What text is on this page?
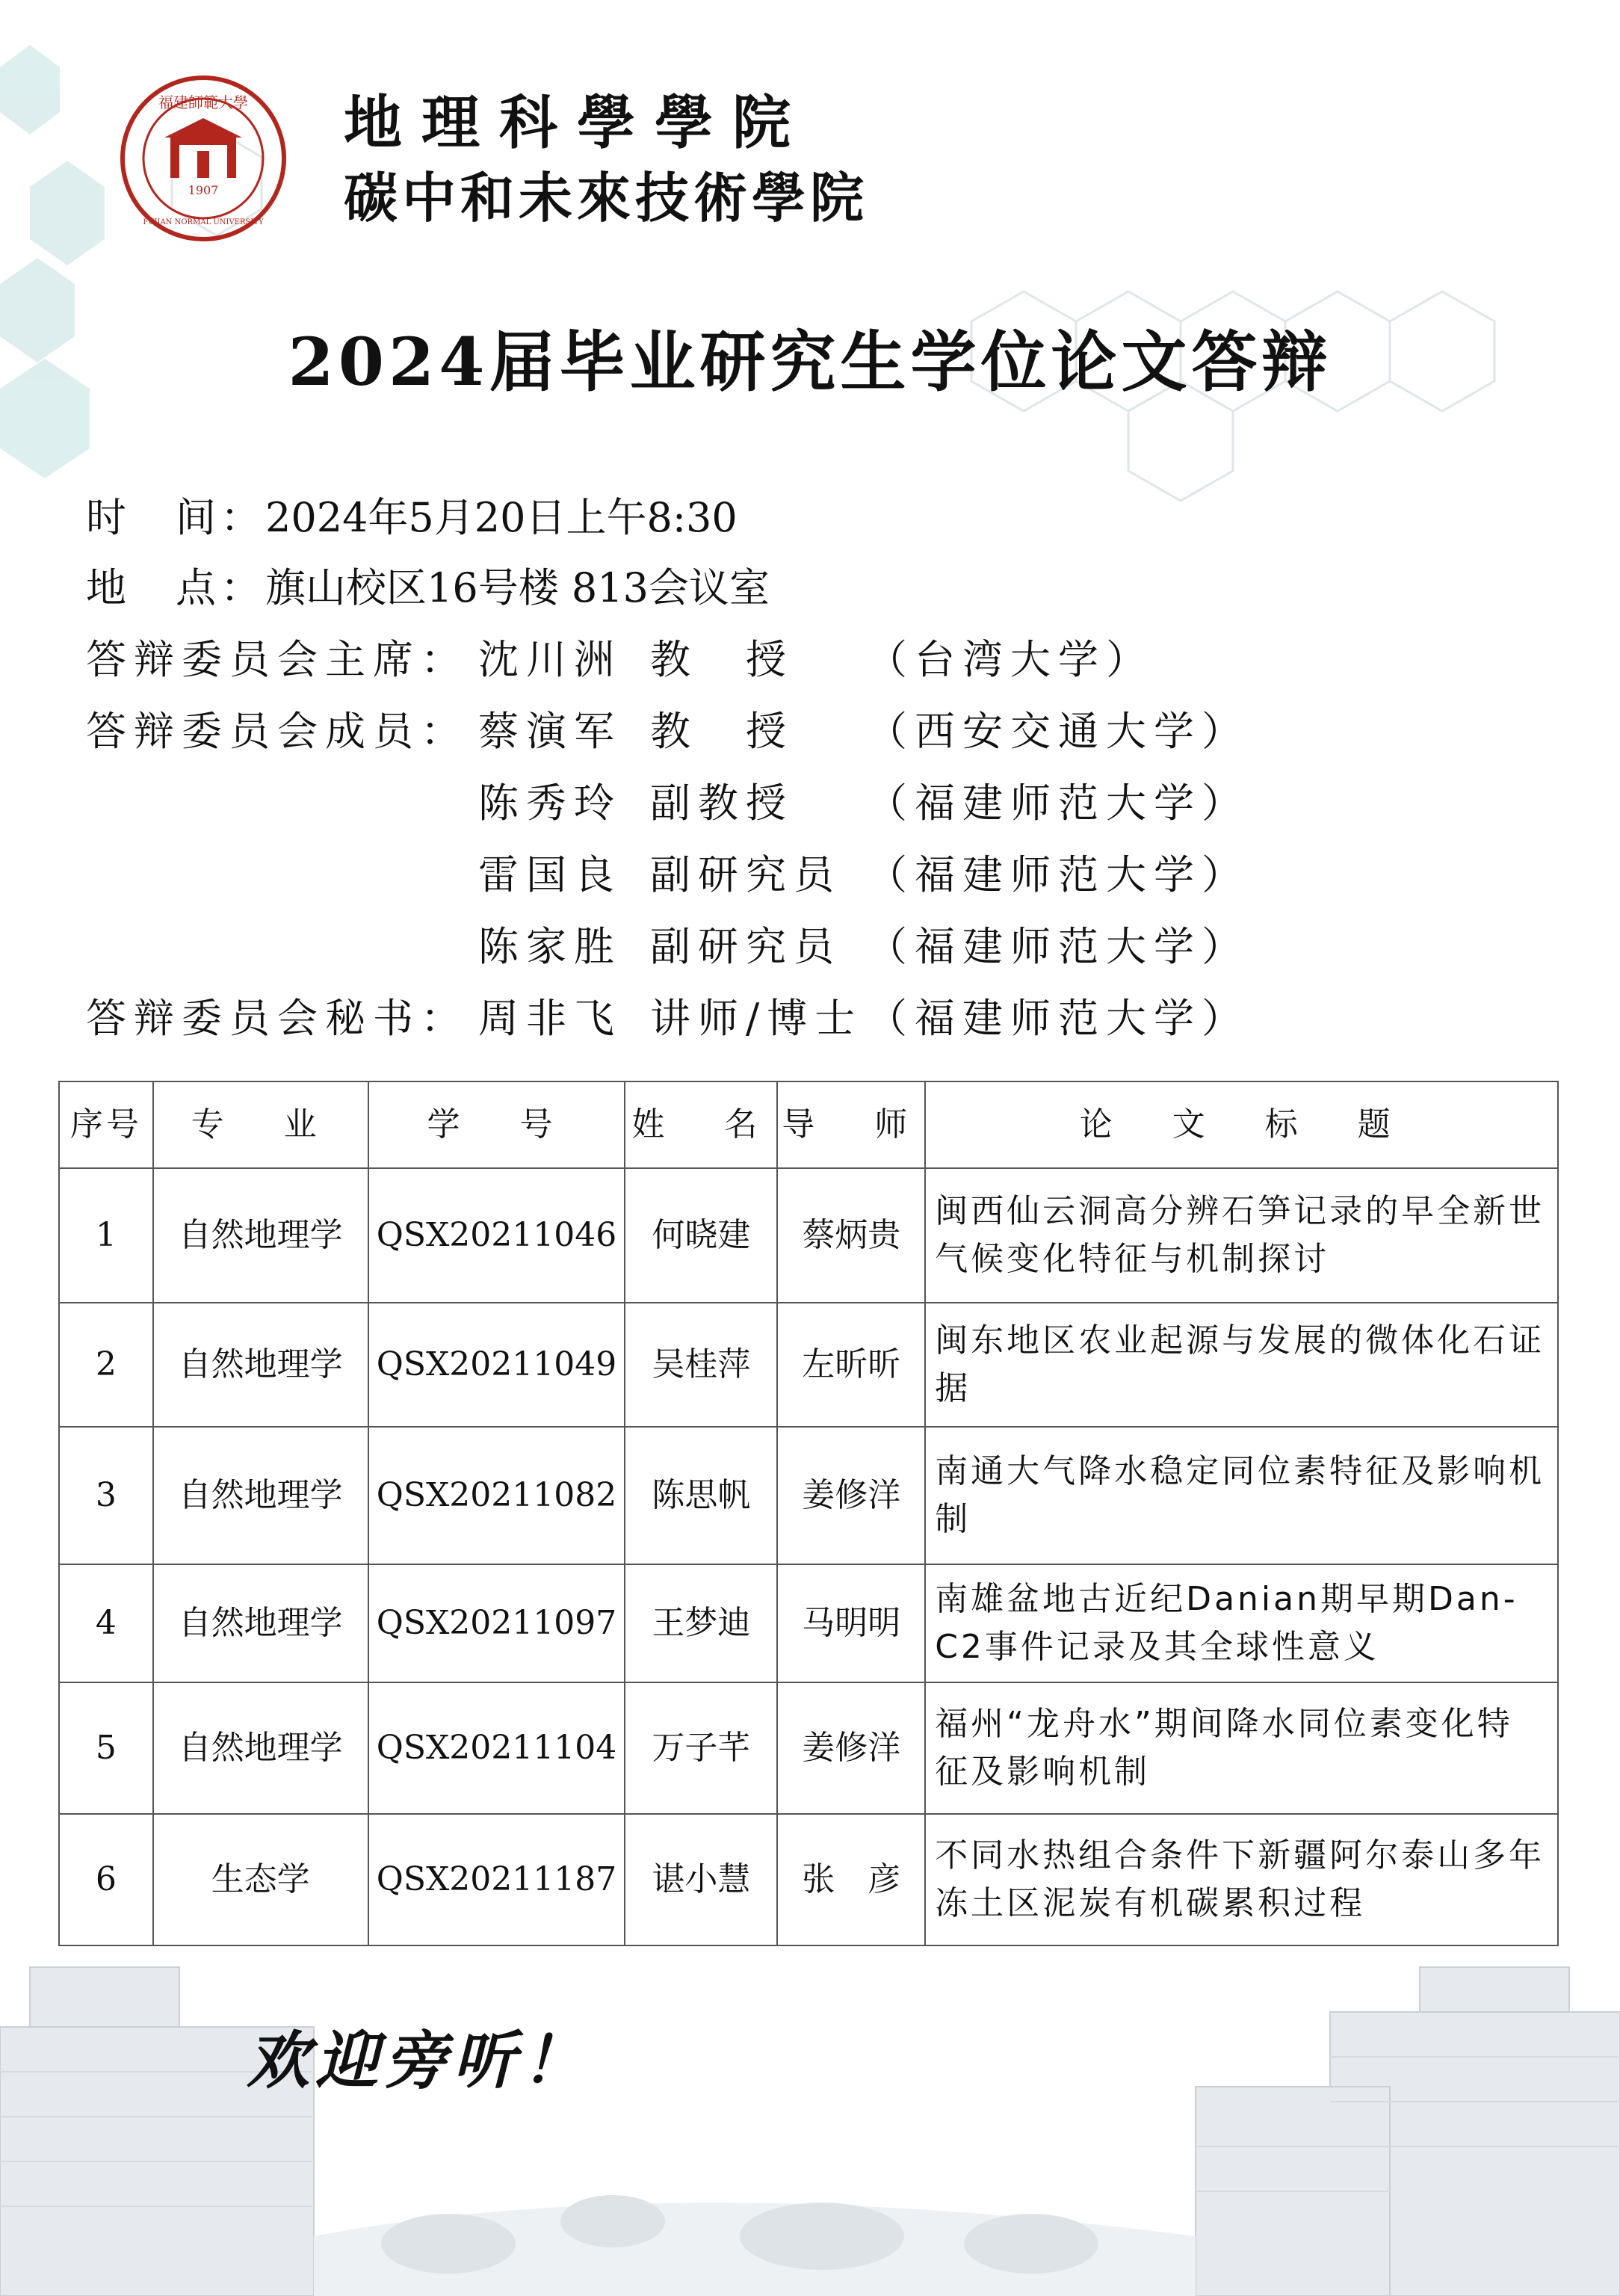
福建師範大學
FUJIAN NORMAL UNIVERSITY
1907
地理科學學院
碳中和未來技術學院
2024届毕业研究生学位论文答辩
时　间：2024年5月20日上午8:30
地　点：旗山校区16号楼 813会议室
答辩委员会主席： 沈川洲 教　授 （台湾大学）
答辩委员会成员： 蔡演军 教　授 （西安交通大学）
陈秀玲 副教授 （福建师范大学）
雷国良 副研究员 （福建师范大学）
陈家胜 副研究员 （福建师范大学）
答辩委员会秘书： 周非飞 讲师/博士 （福建师范大学）
序号	专　业	学　号	姓　名	导　师	论　文　标　题
1	自然地理学	QSX20211046	何晓建	蔡炳贵	闽西仙云洞高分辨石笋记录的早全新世气候变化特征与机制探讨
2	自然地理学	QSX20211049	吴桂萍	左昕昕	闽东地区农业起源与发展的微体化石证据
3	自然地理学	QSX20211082	陈思帆	姜修洋	南通大气降水稳定同位素特征及影响机制
4	自然地理学	QSX20211097	王梦迪	马明明	南雄盆地古近纪Danian期早期Dan-C2事件记录及其全球性意义
5	自然地理学	QSX20211104	万子芊	姜修洋	福州“龙舟水”期间降水同位素变化特征及影响机制
6	生态学	QSX20211187	谌小慧	张　彦	不同水热组合条件下新疆阿尔泰山多年冻土区泥炭有机碳累积过程
欢迎旁听！
